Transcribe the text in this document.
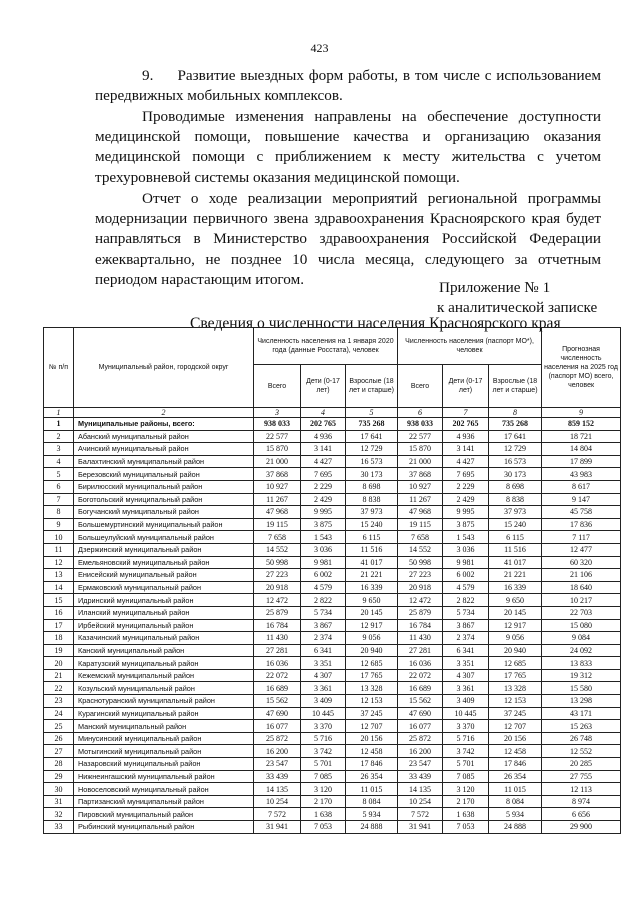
423
9. Развитие выездных форм работы, в том числе с использованием передвижных мобильных комплексов.
Проводимые изменения направлены на обеспечение доступности медицинской помощи, повышение качества и организацию оказания медицинской помощи с приближением к месту жительства с учетом трехуровневой системы оказания медицинской помощи.
Отчет о ходе реализации мероприятий региональной программы модернизации первичного звена здравоохранения Красноярского края будет направляться в Министерство здравоохранения Российской Федерации ежеквартально, не позднее 10 числа месяца, следующего за отчетным периодом нарастающим итогом.	Приложение № 1
к аналитической записке
Сведения о численности населения Красноярского края
№ п/п	Муниципальный район, городской округ	Численность населения на 1 января 2020 года (данные Росстата), человек			Численность населения (паспорт МО*), человек			Прогнозная численность населения на 2025 год (паспорт МО) всего, человек
		Всего	Дети (0-17 лет)	Взрослые (18 лет и старше)	Всего	Дети (0-17 лет)	Взрослые (18 лет и старше)	
1	2	3	4	5	6	7	8	9
1	Муниципальные районы, всего:	938 033	202 765	735 268	938 033	202 765	735 268	859 152
2	Абанский муниципальный район	22 577	4 936	17 641	22 577	4 936	17 641	18 721
3	Ачинский муниципальный район	15 870	3 141	12 729	15 870	3 141	12 729	14 804
4	Балахтинский муниципальный район	21 000	4 427	16 573	21 000	4 427	16 573	17 899
5	Березовский муниципальный район	37 868	7 695	30 173	37 868	7 695	30 173	43 983
6	Бирилюсский муниципальный район	10 927	2 229	8 698	10 927	2 229	8 698	8 617
7	Боготольский муниципальный район	11 267	2 429	8 838	11 267	2 429	8 838	9 147
8	Богучанский муниципальный район	47 968	9 995	37 973	47 968	9 995	37 973	45 758
9	Большемуртинский муниципальный район	19 115	3 875	15 240	19 115	3 875	15 240	17 836
10	Большеулуйский муниципальный район	7 658	1 543	6 115	7 658	1 543	6 115	7 117
11	Дзержинский муниципальный район	14 552	3 036	11 516	14 552	3 036	11 516	12 477
12	Емельяновский муниципальный район	50 998	9 981	41 017	50 998	9 981	41 017	60 320
13	Енисейский муниципальный район	27 223	6 002	21 221	27 223	6 002	21 221	21 106
14	Ермаковский муниципальный район	20 918	4 579	16 339	20 918	4 579	16 339	18 640
15	Идринский муниципальный район	12 472	2 822	9 650	12 472	2 822	9 650	10 217
16	Иланский муниципальный район	25 879	5 734	20 145	25 879	5 734	20 145	22 703
17	Ирбейский муниципальный район	16 784	3 867	12 917	16 784	3 867	12 917	15 080
18	Казачинский муниципальный район	11 430	2 374	9 056	11 430	2 374	9 056	9 084
19	Канский муниципальный район	27 281	6 341	20 940	27 281	6 341	20 940	24 092
20	Каратузский муниципальный район	16 036	3 351	12 685	16 036	3 351	12 685	13 833
21	Кежемский муниципальный район	22 072	4 307	17 765	22 072	4 307	17 765	19 312
22	Козульский муниципальный район	16 689	3 361	13 328	16 689	3 361	13 328	15 580
23	Краснотуранский муниципальный район	15 562	3 409	12 153	15 562	3 409	12 153	13 298
24	Курагинский муниципальный район	47 690	10 445	37 245	47 690	10 445	37 245	43 171
25	Манский муниципальный район	16 077	3 370	12 707	16 077	3 370	12 707	15 263
26	Минусинский муниципальный район	25 872	5 716	20 156	25 872	5 716	20 156	26 748
27	Мотыгинский муниципальный район	16 200	3 742	12 458	16 200	3 742	12 458	12 552
28	Назаровский муниципальный район	23 547	5 701	17 846	23 547	5 701	17 846	20 285
29	Нижнеингашский муниципальный район	33 439	7 085	26 354	33 439	7 085	26 354	27 755
30	Новоселовский муниципальный район	14 135	3 120	11 015	14 135	3 120	11 015	12 113
31	Партизанский муниципальный район	10 254	2 170	8 084	10 254	2 170	8 084	8 974
32	Пировский муниципальный район	7 572	1 638	5 934	7 572	1 638	5 934	6 656
33	Рыбинский муниципальный район	31 941	7 053	24 888	31 941	7 053	24 888	29 900
